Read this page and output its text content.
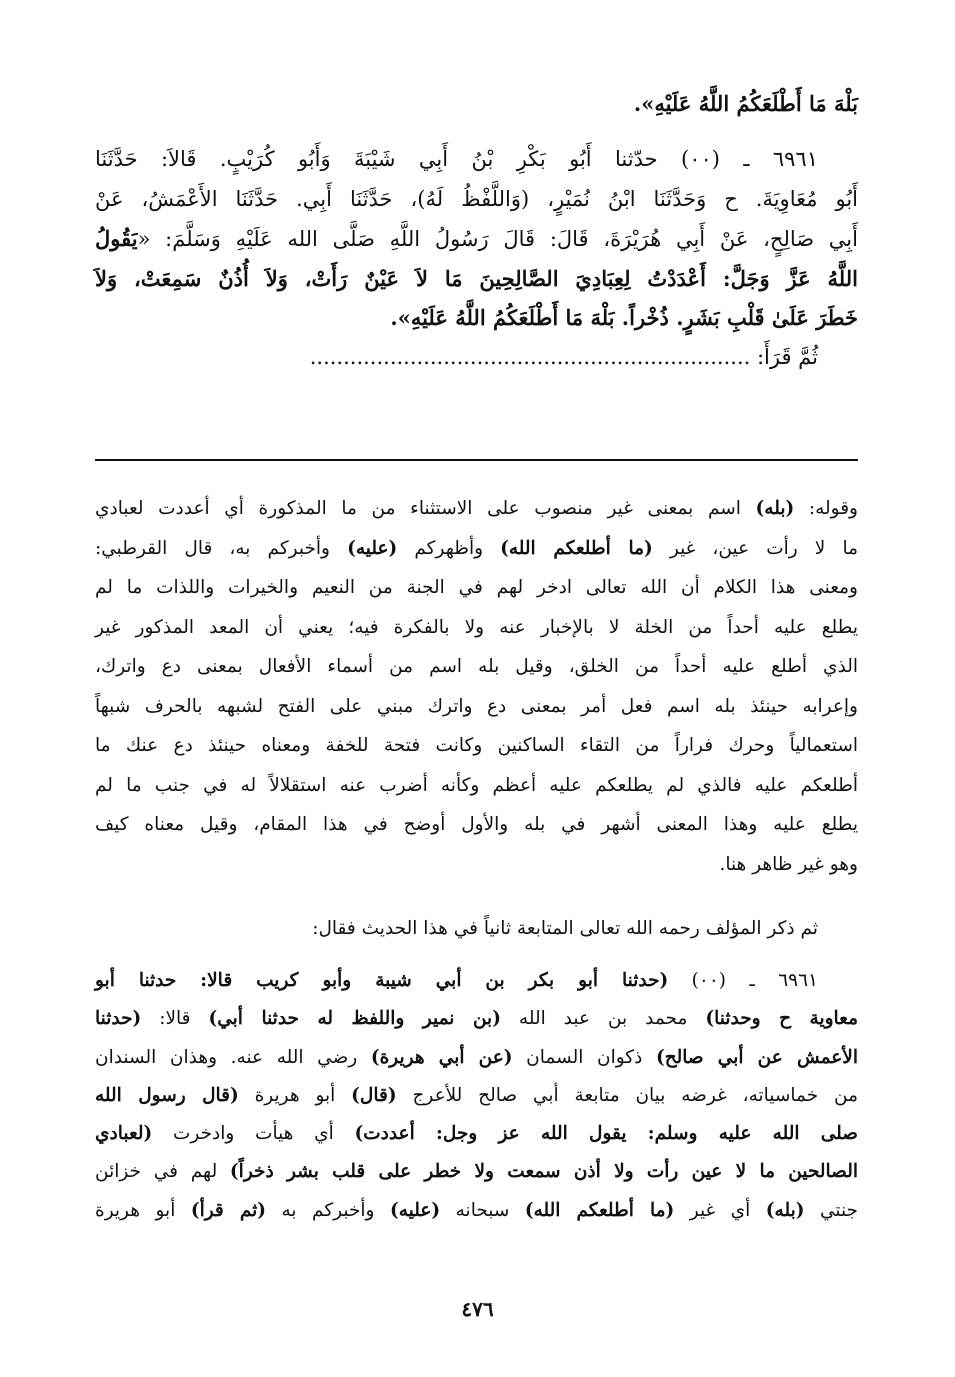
بَلْهَ مَا أَطْلَعَكُمُ اللَّهُ عَلَيْهِ».
٦٩٦١ ـ (٠٠) حدّثنا أَبُو بَكْرِ بْنُ أَبِي شَيْبَةَ وَأَبُو كُرَيْبٍ. قَالاَ: حَدَّثَنَا
أَبُو مُعَاوِيَةَ. ح وَحَدَّثَنَا ابْنُ نُمَيْرٍ، (وَاللَّفْظُ لَهُ)، حَدَّثَنَا أَبِي. حَدَّثَنَا الأَعْمَشُ، عَنْ
أَبِي صَالِحٍ، عَنْ أَبِي هُرَيْرَةَ، قَالَ: قَالَ رَسُولُ اللَّهِ صَلَّى الله عَلَيْهِ وَسَلَّمَ: «يَقُولُ
اللَّهُ عَزَّ وَجَلَّ: أَعْدَدْتُ لِعِبَادِيَ الصَّالِحِينَ مَا لاَ عَيْنٌ رَأَتْ، وَلاَ أُذُنٌ سَمِعَتْ، وَلاَ
خَطَرَ عَلَىٰ قَلْبِ بَشَرٍ. ذُخْراً. بَلْهَ مَا أَطْلَعَكُمُ اللَّهُ عَلَيْهِ».
ثُمَّ قَرَأَ: ..................................................................
وقوله: (بله) اسم بمعنى غير منصوب على الاستثناء من ما المذكورة أي أعددت لعبادي
ما لا رأت عين، غير (ما أطلعكم الله) وأظهركم (عليه) وأخبركم به، قال القرطبي:
ومعنى هذا الكلام أن الله تعالى ادخر لهم في الجنة من النعيم والخيرات واللذات ما لم
يطلع عليه أحداً من الخلة لا بالإخبار عنه ولا بالفكرة فيه؛ يعني أن المعد المذكور غير
الذي أطلع عليه أحداً من الخلق، وقيل بله اسم من أسماء الأفعال بمعنى دع واترك،
وإعرابه حينئذ بله اسم فعل أمر بمعنى دع واترك مبني على الفتح لشبهه بالحرف شبهاً
استعمالياً وحرك فراراً من التقاء الساكنين وكانت فتحة للخفة ومعناه حينئذ دع عنك ما
أطلعكم عليه فالذي لم يطلعكم عليه أعظم وكأنه أضرب عنه استقلالاً له في جنب ما لم
يطلع عليه وهذا المعنى أشهر في بله والأول أوضح في هذا المقام، وقيل معناه كيف
وهو غير ظاهر هنا.
ثم ذكر المؤلف رحمه الله تعالى المتابعة ثانياً في هذا الحديث فقال:
٦٩٦١ ـ (٠٠) (حدثنا أبو بكر بن أبي شيبة وأبو كريب قالا: حدثنا أبو
معاوية ح وحدثنا) محمد بن عبد الله (بن نمير واللفظ له حدثنا أبي) قالا: (حدثنا
الأعمش عن أبي صالح) ذكوان السمان (عن أبي هريرة) رضي الله عنه. وهذان السندان
من خماسياته، غرضه بيان متابعة أبي صالح للأعرج (قال) أبو هريرة (قال رسول الله
صلى الله عليه وسلم: يقول الله عز وجل: أعددت) أي هيأت وادخرت (لعبادي
الصالحين ما لا عين رأت ولا أذن سمعت ولا خطر على قلب بشر ذخراً) لهم في خزائن
جنتي (بله) أي غير (ما أطلعكم الله) سبحانه (عليه) وأخبركم به (ثم قرأ) أبو هريرة
٤٧٦
